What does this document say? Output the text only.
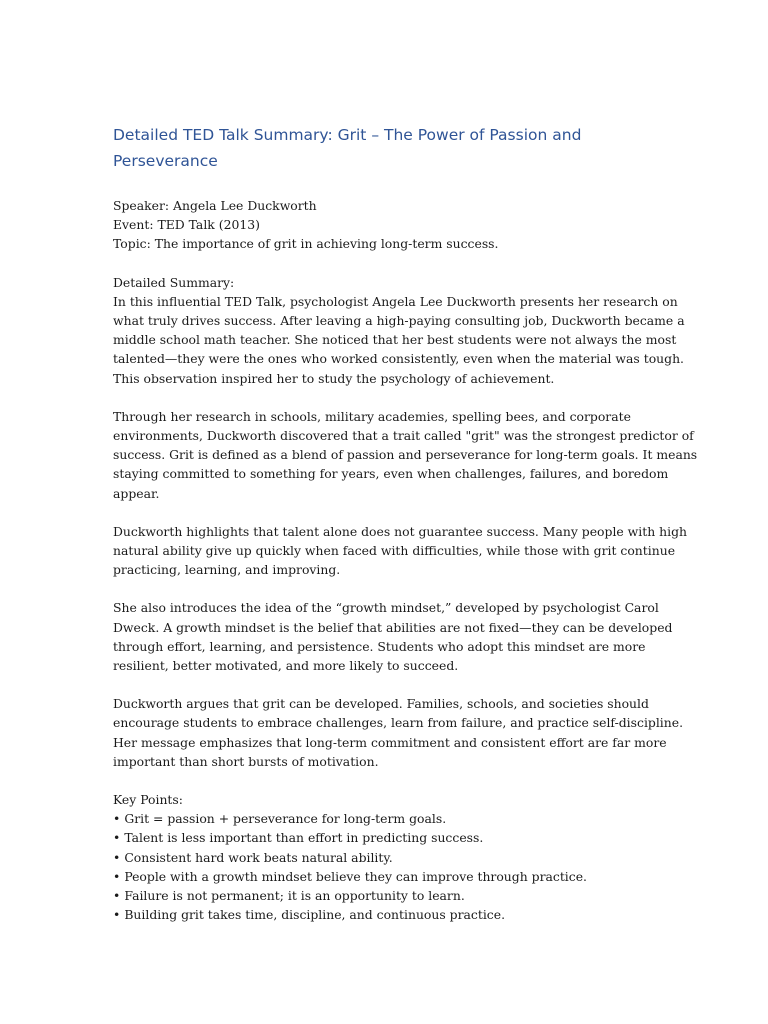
Detailed TED Talk Summary: Grit – The Power of Passion and
Perseverance
Speaker: Angela Lee Duckworth
Event: TED Talk (2013)
Topic: The importance of grit in achieving long-term success.
Detailed Summary:
In this influential TED Talk, psychologist Angela Lee Duckworth presents her research on
what truly drives success. After leaving a high-paying consulting job, Duckworth became a
middle school math teacher. She noticed that her best students were not always the most
talented—they were the ones who worked consistently, even when the material was tough.
This observation inspired her to study the psychology of achievement.
Through her research in schools, military academies, spelling bees, and corporate
environments, Duckworth discovered that a trait called "grit" was the strongest predictor of
success. Grit is defined as a blend of passion and perseverance for long-term goals. It means
staying committed to something for years, even when challenges, failures, and boredom
appear.
Duckworth highlights that talent alone does not guarantee success. Many people with high
natural ability give up quickly when faced with difficulties, while those with grit continue
practicing, learning, and improving.
She also introduces the idea of the “growth mindset,” developed by psychologist Carol
Dweck. A growth mindset is the belief that abilities are not fixed—they can be developed
through effort, learning, and persistence. Students who adopt this mindset are more
resilient, better motivated, and more likely to succeed.
Duckworth argues that grit can be developed. Families, schools, and societies should
encourage students to embrace challenges, learn from failure, and practice self-discipline.
Her message emphasizes that long-term commitment and consistent effort are far more
important than short bursts of motivation.
Key Points:
• Grit = passion + perseverance for long-term goals.
• Talent is less important than effort in predicting success.
• Consistent hard work beats natural ability.
• People with a growth mindset believe they can improve through practice.
• Failure is not permanent; it is an opportunity to learn.
• Building grit takes time, discipline, and continuous practice.
